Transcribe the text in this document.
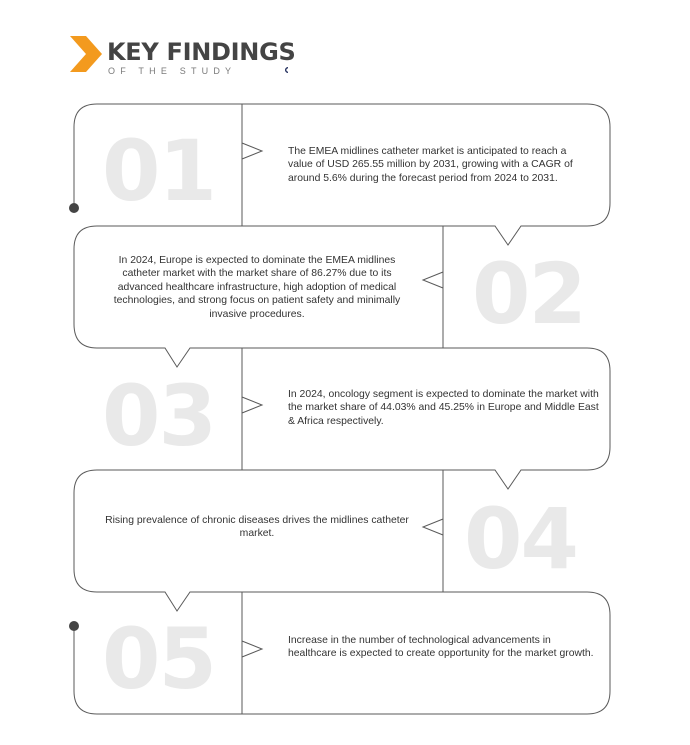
KEY FINDINGS
OF THE STUDY
01
02
03
04
05

The EMEA midlines catheter market is anticipated to reach a value of USD 265.55 million by 2031, growing with a CAGR of around 5.6% during the forecast period from 2024 to 2031.

In 2024, Europe is expected to dominate the EMEA midlines catheter market with the market share of 86.27% due to its advanced healthcare infrastructure, high adoption of medical technologies, and strong focus on patient safety and minimally invasive procedures.

In 2024, oncology segment is expected to dominate the market with the market share of 44.03% and 45.25% in Europe and Middle East & Africa respectively.

Rising prevalence of chronic diseases drives the midlines catheter market.

Increase in the number of technological advancements in healthcare is expected to create opportunity for the market growth.
